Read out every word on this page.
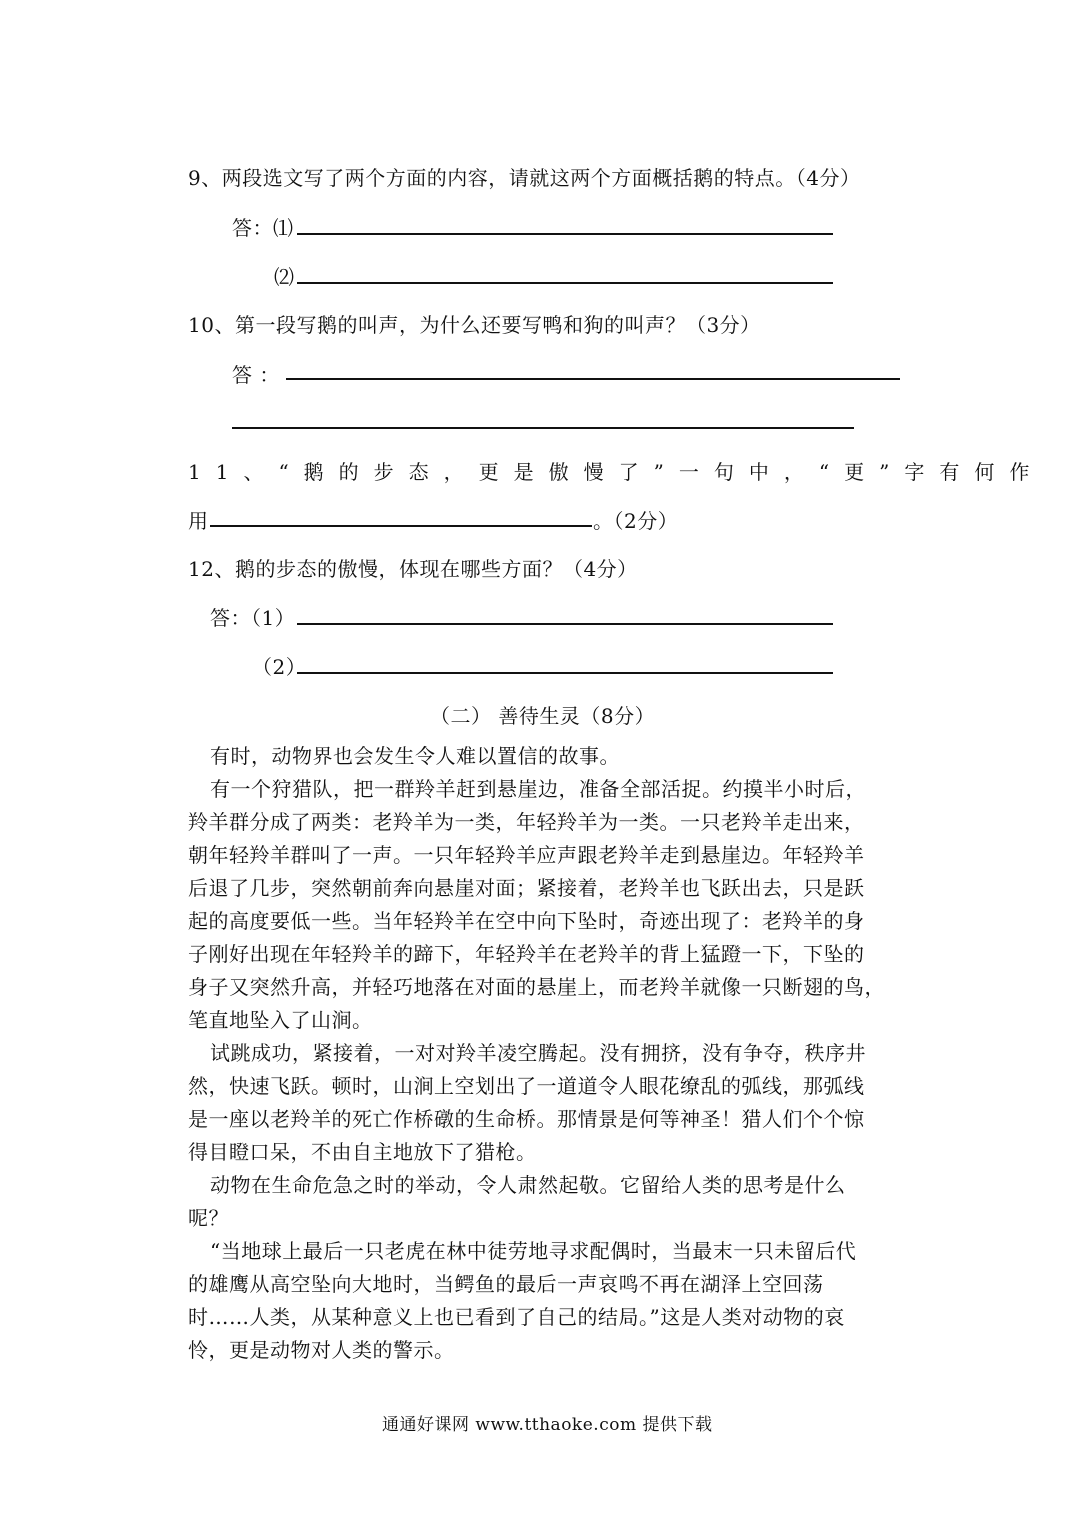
9、两段选文写了两个方面的内容，请就这两个方面概括鹅的特点。（4分）
答：⑴
⑵
10、第一段写鹅的叫声，为什么还要写鸭和狗的叫声？（3分）
答 ：
11、“鹅的步态，更是傲慢了”一句中，“更”字有何作
用	。（2分）
12、鹅的步态的傲慢，体现在哪些方面？（4分）
答：（1）
（2）
（二） 善待生灵（8分）
有时，动物界也会发生令人难以置信的故事。
有一个狩猎队，把一群羚羊赶到悬崖边，准备全部活捉。约摸半小时后，
羚羊群分成了两类：老羚羊为一类，年轻羚羊为一类。一只老羚羊走出来，
朝年轻羚羊群叫了一声。一只年轻羚羊应声跟老羚羊走到悬崖边。年轻羚羊
后退了几步，突然朝前奔向悬崖对面；紧接着，老羚羊也飞跃出去，只是跃
起的高度要低一些。当年轻羚羊在空中向下坠时，奇迹出现了：老羚羊的身
子刚好出现在年轻羚羊的蹄下，年轻羚羊在老羚羊的背上猛蹬一下，下坠的
身子又突然升高，并轻巧地落在对面的悬崖上，而老羚羊就像一只断翅的鸟，
笔直地坠入了山涧。
试跳成功，紧接着，一对对羚羊凌空腾起。没有拥挤，没有争夺，秩序井
然，快速飞跃。顿时，山涧上空划出了一道道令人眼花缭乱的弧线，那弧线
是一座以老羚羊的死亡作桥礅的生命桥。那情景是何等神圣！猎人们个个惊
得目瞪口呆，不由自主地放下了猎枪。
动物在生命危急之时的举动，令人肃然起敬。它留给人类的思考是什么
呢？
“当地球上最后一只老虎在林中徒劳地寻求配偶时，当最末一只未留后代
的雄鹰从高空坠向大地时，当鳄鱼的最后一声哀鸣不再在湖泽上空回荡
时……人类，从某种意义上也已看到了自己的结局。”这是人类对动物的哀
怜，更是动物对人类的警示。
通通好课网 www.tthaoke.com 提供下载
